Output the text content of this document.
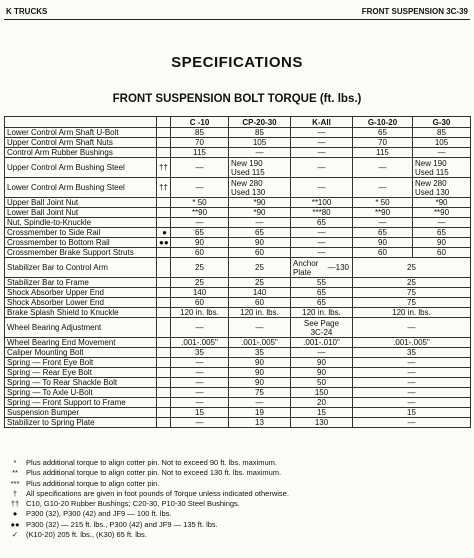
K TRUCKS	FRONT SUSPENSION 3C-39
SPECIFICATIONS
FRONT SUSPENSION BOLT TORQUE (ft. lbs.)
		C -10	CP-20-30	K-All	G-10-20	G-30
Lower Control Arm Shaft U-Bolt		85	85	—	65	85
Upper Control Arm Shaft Nuts		70	105	—	70	105
Control Arm Rubber Bushings		115	—	—	115	—
Upper Control Arm Bushing Steel	††	—	New 190
Used 115	—	—	New 190
Used 115

Lower Control Arm Bushing Steel	††	—	New 280
Used 130	—	—	New 280
Used 130

Upper Ball Joint Nut		* 50	*90	**100	* 50	*90
Lower Ball Joint Nut		**90	*90	***80	**90	**90
Nut, Spindle-to-Knuckle		—	—	65	—	—
Crossmember to Side Rail	●	65	65	—	65	65
Crossmember to Bottom Rail	●●	90	90	—	90	90
Crossmember Brake Support Struts		60	60	—	60	60
Stabilizer Bar to Control Arm		25	25	Anchor
Plate —130	25	
Stabilizer Bar to Frame		25	25	55	25	
Shock Absorber Upper End		140	140	65	75	
Shock Absorber Lower End		60	60	65	75	
Brake Splash Shield to Knuckle		120 in. lbs.	120 in. lbs.	120 in. lbs.	120 in. lbs.	
Wheel Bearing Adjustment		—	—	See Page
3C-24	—	
Wheel Bearing End Movement		.001-.005"	.001-.005"	.001-.010"	.001-.005"	
Caliper Mounting Bolt		35	35	—	35	
Spring — Front Eye Bolt		—	90	90	—	
Spring — Rear Eye Bolt		—	90	90	—	
Spring — To Rear Shackle Bolt		—	90	50	—	
Spring — To Axle U-Bolt		—	75	150	—	
Spring — Front Support to Frame		—	—	20	—	
Suspension Bumper		15	19	15	15	
Stabilizer to Spring Plate		—	13	130	—	
*	Plus additional torque to align cotter pin. Not to exceed 90 ft. lbs. maximum.
**	Plus additional torque to align cotter pin. Not to exceed 130 ft. lbs. maximum.
*** Plus additional torque to align cotter pin.
†	All specifications are given in foot pounds of Torque unless indicated otherwise.
†† C10, G10-20 Rubber Bushings; C20-30, P10-30 Steel Bushings.
●	P300 (32), P300 (42) and JF9 — 100 ft. lbs.
●● P300 (32) — 215 ft. lbs., P300 (42) and JF9 — 135 ft. lbs.
✓	(K10-20) 205 ft. lbs., (K30) 65 ft. lbs.
